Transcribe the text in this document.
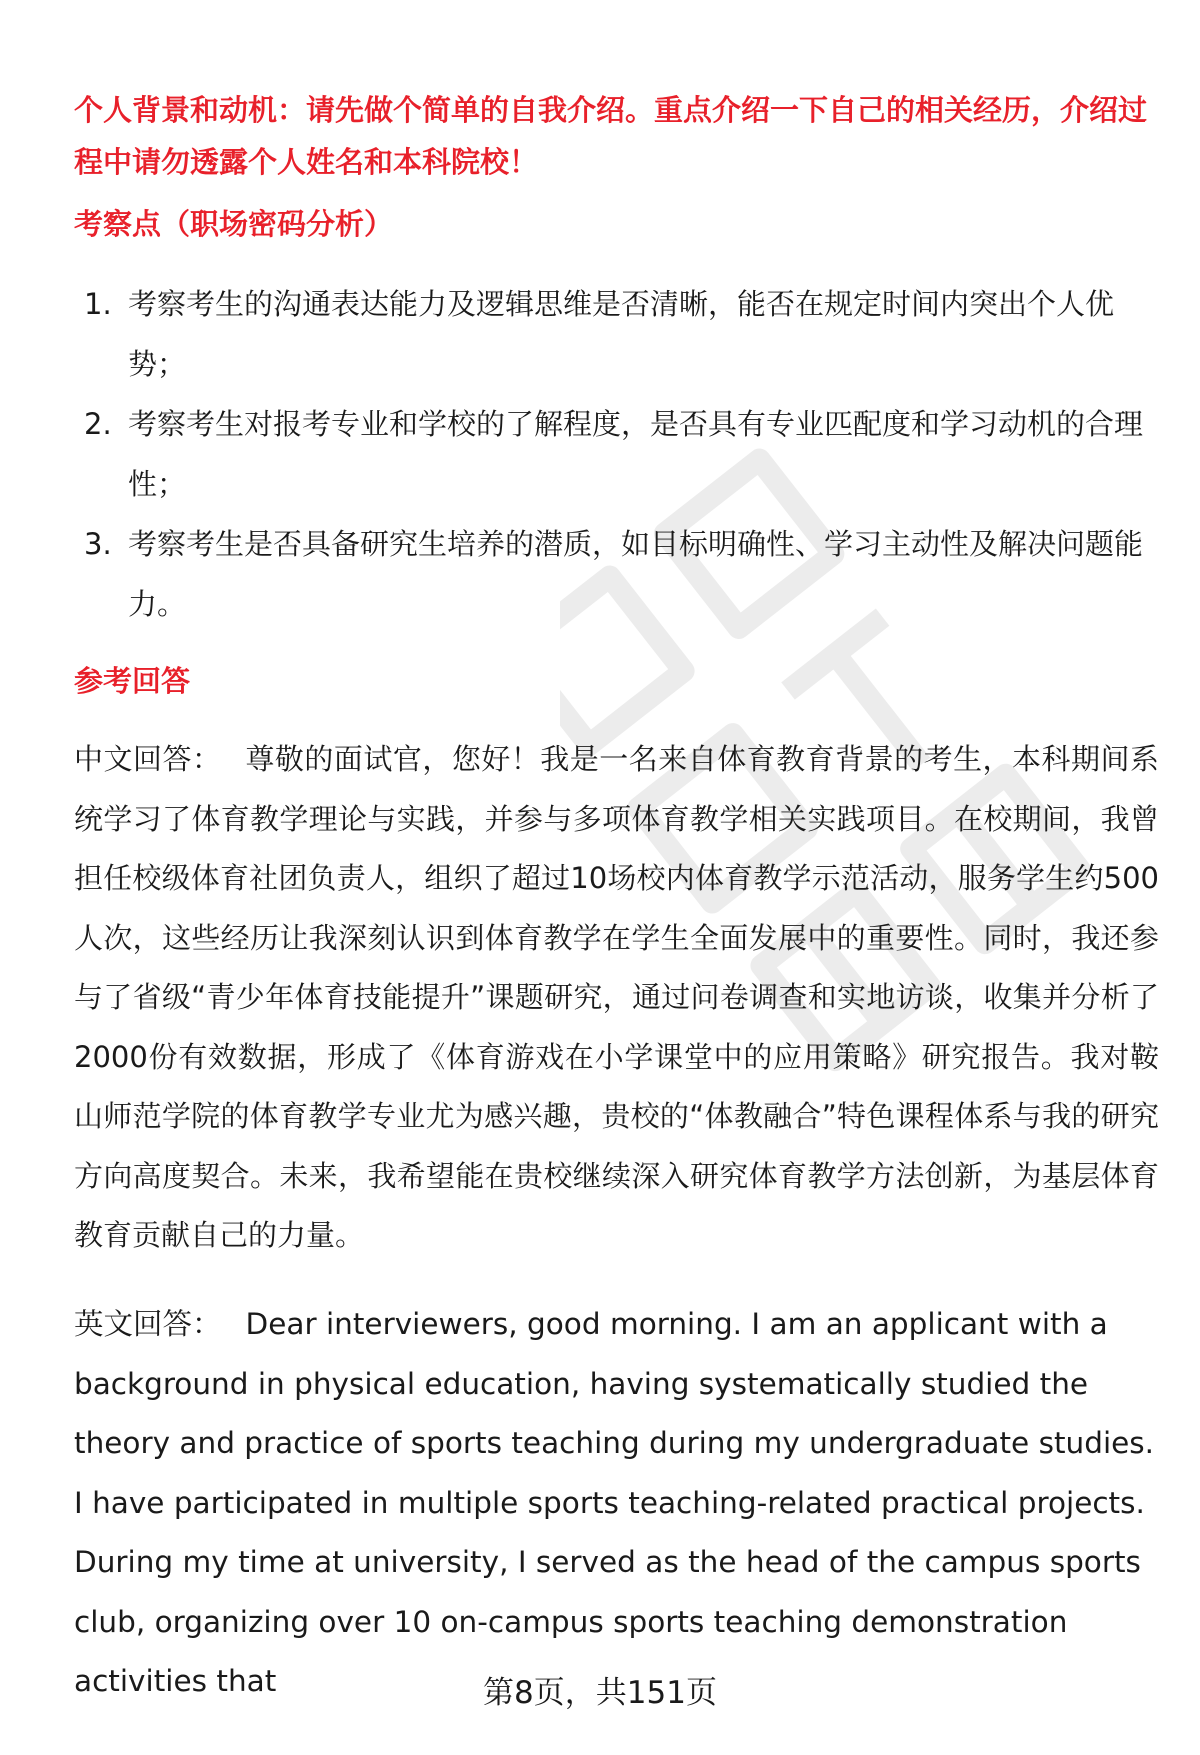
个人背景和动机：请先做个简单的自我介绍。重点介绍一下自己的相关经历，介绍过程中请勿透露个人姓名和本科院校！
考察点（职场密码分析）
1. 考察考生的沟通表达能力及逻辑思维是否清晰，能否在规定时间内突出个人优势；
2. 考察考生对报考专业和学校的了解程度，是否具有专业匹配度和学习动机的合理性；
3. 考察考生是否具备研究生培养的潜质，如目标明确性、学习主动性及解决问题能力。
参考回答

中文回答： 尊敬的面试官，您好！我是一名来自体育教育背景的考生，本科期间系统学习了体育教学理论与实践，并参与多项体育教学相关实践项目。在校期间，我曾担任校级体育社团负责人，组织了超过10场校内体育教学示范活动，服务学生约500人次，这些经历让我深刻认识到体育教学在学生全面发展中的重要性。同时，我还参与了省级“青少年体育技能提升”课题研究，通过问卷调查和实地访谈，收集并分析了2000份有效数据，形成了《体育游戏在小学课堂中的应用策略》研究报告。我对鞍山师范学院的体育教学专业尤为感兴趣，贵校的“体教融合”特色课程体系与我的研究方向高度契合。未来，我希望能在贵校继续深入研究体育教学方法创新，为基层体育教育贡献自己的力量。

英文回答： Dear interviewers, good morning. I am an applicant with a background in physical education, having systematically studied the theory and practice of sports teaching during my undergraduate studies. I have participated in multiple sports teaching-related practical projects. During my time at university, I served as the head of the campus sports club, organizing over 10 on-campus sports teaching demonstration activities that	第8页，共151页
